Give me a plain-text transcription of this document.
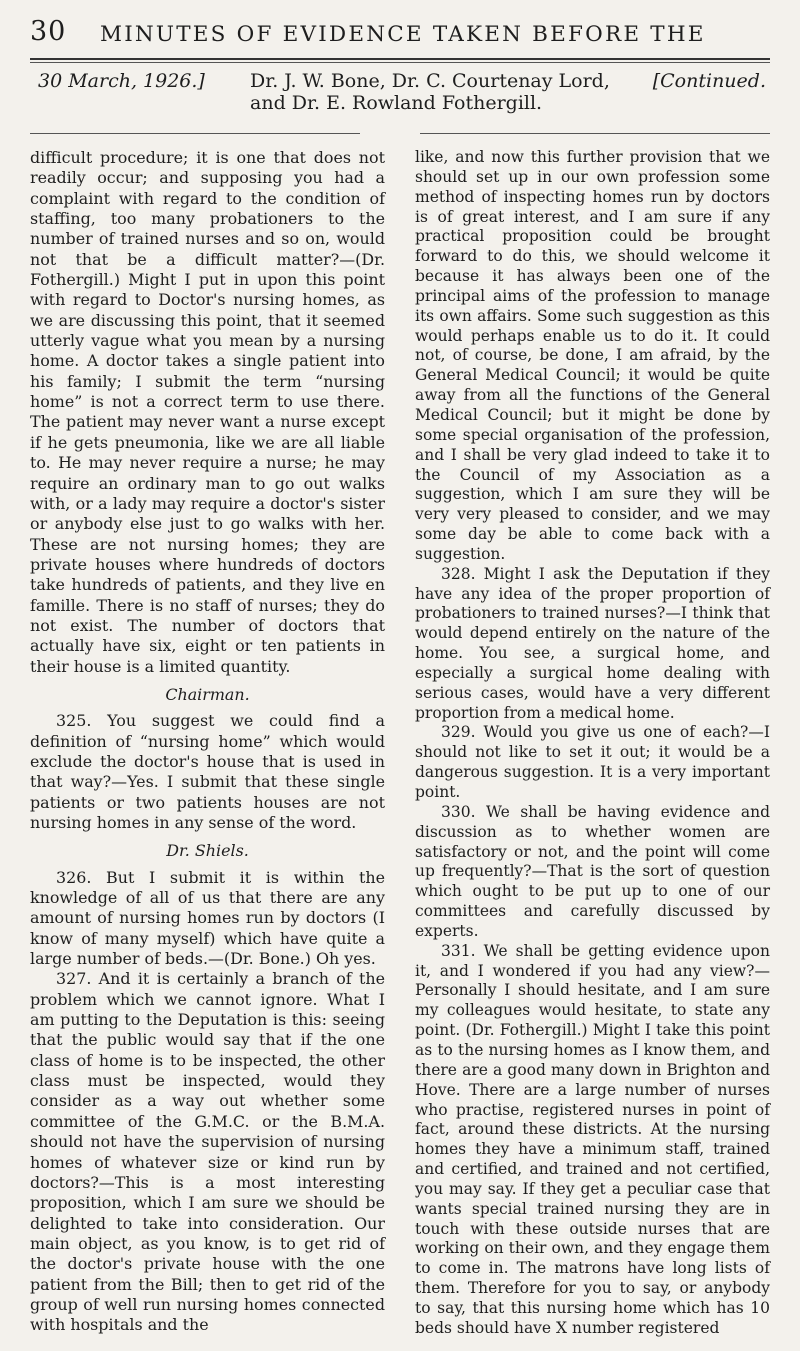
30 MINUTES OF EVIDENCE TAKEN BEFORE THE
30 March, 1926.] Dr. J. W. Bone, Dr. C. Courtenay Lord,
and Dr. E. Rowland Fothergill.
[Continued.

difficult procedure; it is one that does not readily occur; and supposing you had a complaint with regard to the condition of staffing, too many probationers to the number of trained nurses and so on, would not that be a difficult matter?—(Dr. Fothergill.) Might I put in upon this point with regard to Doctor's nursing homes, as we are discussing this point, that it seemed utterly vague what you mean by a nursing home. A doctor takes a single patient into his family; I submit the term “nursing home” is not a correct term to use there. The patient may never want a nurse except if he gets pneumonia, like we are all liable to. He may never require a nurse; he may require an ordinary man to go out walks with, or a lady may require a doctor's sister or anybody else just to go walks with her. These are not nursing homes; they are private houses where hundreds of doctors take hundreds of patients, and they live en famille. There is no staff of nurses; they do not exist. The number of doctors that actually have six, eight or ten patients in their house is a limited quantity.

Chairman.

325. You suggest we could find a definition of “nursing home” which would exclude the doctor's house that is used in that way?—Yes. I submit that these single patients or two patients houses are not nursing homes in any sense of the word.

Dr. Shiels.

326. But I submit it is within the knowledge of all of us that there are any amount of nursing homes run by doctors (I know of many myself) which have quite a large number of beds.—(Dr. Bone.) Oh yes.

327. And it is certainly a branch of the problem which we cannot ignore. What I am putting to the Deputation is this: seeing that the public would say that if the one class of home is to be inspected, the other class must be inspected, would they consider as a way out whether some committee of the G.M.C. or the B.M.A. should not have the supervision of nursing homes of whatever size or kind run by doctors?—This is a most interesting proposition, which I am sure we should be delighted to take into consideration. Our main object, as you know, is to get rid of the doctor's private house with the one patient from the Bill; then to get rid of the group of well run nursing homes connected with hospitals and the

like, and now this further provision that we should set up in our own profession some method of inspecting homes run by doctors is of great interest, and I am sure if any practical proposition could be brought forward to do this, we should welcome it because it has always been one of the principal aims of the profession to manage its own affairs. Some such suggestion as this would perhaps enable us to do it. It could not, of course, be done, I am afraid, by the General Medical Council; it would be quite away from all the functions of the General Medical Council; but it might be done by some special organisation of the profession, and I shall be very glad indeed to take it to the Council of my Association as a suggestion, which I am sure they will be very very pleased to consider, and we may some day be able to come back with a suggestion.

328. Might I ask the Deputation if they have any idea of the proper proportion of probationers to trained nurses?—I think that would depend entirely on the nature of the home. You see, a surgical home, and especially a surgical home dealing with serious cases, would have a very different proportion from a medical home.

329. Would you give us one of each?—I should not like to set it out; it would be a dangerous suggestion. It is a very important point.

330. We shall be having evidence and discussion as to whether women are satisfactory or not, and the point will come up frequently?—That is the sort of question which ought to be put up to one of our committees and carefully discussed by experts.

331. We shall be getting evidence upon it, and I wondered if you had any view?—Personally I should hesitate, and I am sure my colleagues would hesitate, to state any point. (Dr. Fothergill.) Might I take this point as to the nursing homes as I know them, and there are a good many down in Brighton and Hove. There are a large number of nurses who practise, registered nurses in point of fact, around these districts. At the nursing homes they have a minimum staff, trained and certified, and trained and not certified, you may say. If they get a peculiar case that wants special trained nursing they are in touch with these outside nurses that are working on their own, and they engage them to come in. The matrons have long lists of them. Therefore for you to say, or anybody to say, that this nursing home which has 10 beds should have X number registered
